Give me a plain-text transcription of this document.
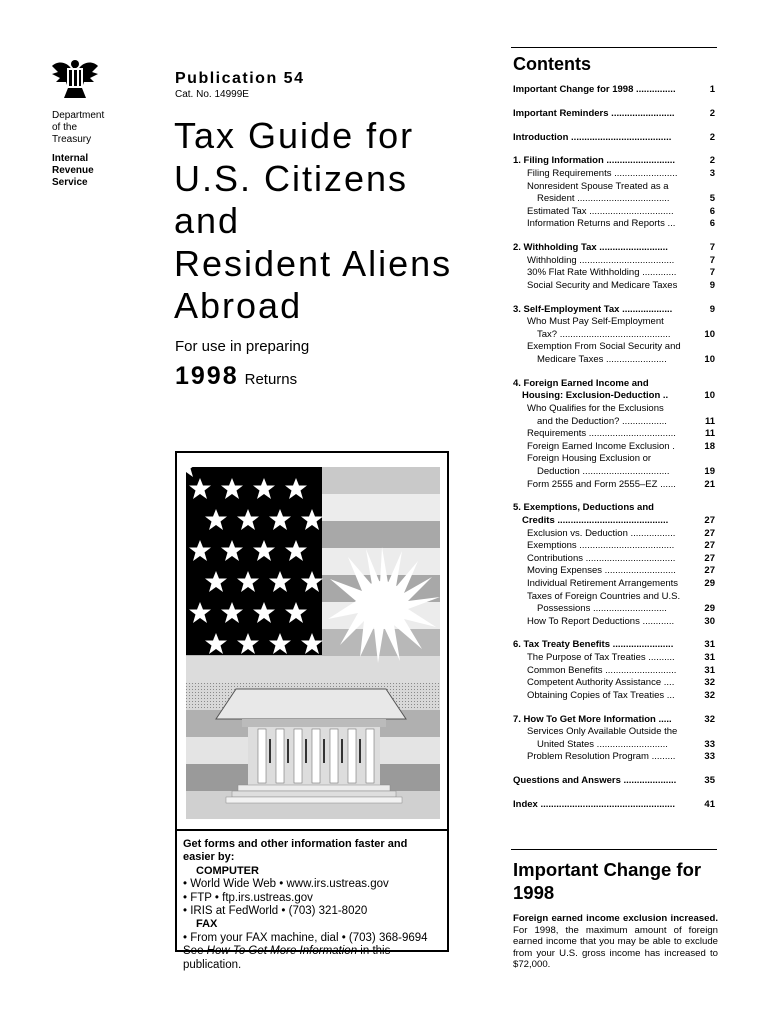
Department
of the
Treasury
Internal
Revenue
Service
Publication 54
Cat. No. 14999E
Tax Guide for
U.S. Citizens
and
Resident Aliens
Abroad
For use in preparing
1998 Returns
Get forms and other information faster and easier by:
COMPUTER
• World Wide Web • www.irs.ustreas.gov
• FTP • ftp.irs.ustreas.gov
• IRIS at FedWorld • (703) 321-8020
FAX
• From your FAX machine, dial • (703) 368-9694
See How To Get More Information in this publication.
Contents
Important Change for 1998 ...............	1
Important Reminders ........................	2
Introduction ......................................	2
1. Filing Information ..........................	2
Filing Requirements ........................	3
Nonresident Spouse Treated as a
Resident ...................................	5
Estimated Tax ................................	6
Information Returns and Reports ...	6
2. Withholding Tax ..........................	7
Withholding ....................................	7
30% Flat Rate Withholding .............	7
Social Security and Medicare Taxes	9
3. Self-Employment Tax ...................	9
Who Must Pay Self-Employment
Tax? ..........................................	10
Exemption From Social Security and
Medicare Taxes .......................	10
4. Foreign Earned Income and
Housing: Exclusion-Deduction ..	10
Who Qualifies for the Exclusions
and the Deduction? .................	11
Requirements .................................	11
Foreign Earned Income Exclusion .	18
Foreign Housing Exclusion or
Deduction .................................	19
Form 2555 and Form 2555–EZ ......	21
5. Exemptions, Deductions and
Credits ..........................................	27
Exclusion vs. Deduction .................	27
Exemptions ....................................	27
Contributions ..................................	27
Moving Expenses ...........................	27
Individual Retirement Arrangements	29
Taxes of Foreign Countries and U.S.
Possessions ............................	29
How To Report Deductions ............	30
6. Tax Treaty Benefits .......................	31
The Purpose of Tax Treaties ..........	31
Common Benefits ...........................	31
Competent Authority Assistance ....	32
Obtaining Copies of Tax Treaties ...	32
7. How To Get More Information .....	32
Services Only Available Outside the
United States ...........................	33
Problem Resolution Program .........	33
Questions and Answers ....................	35
Index ...................................................	41
Important Change for 1998
Foreign earned income exclusion increased. For 1998, the maximum amount of foreign earned income that you may be able to exclude from your U.S. gross income has increased to $72,000.
